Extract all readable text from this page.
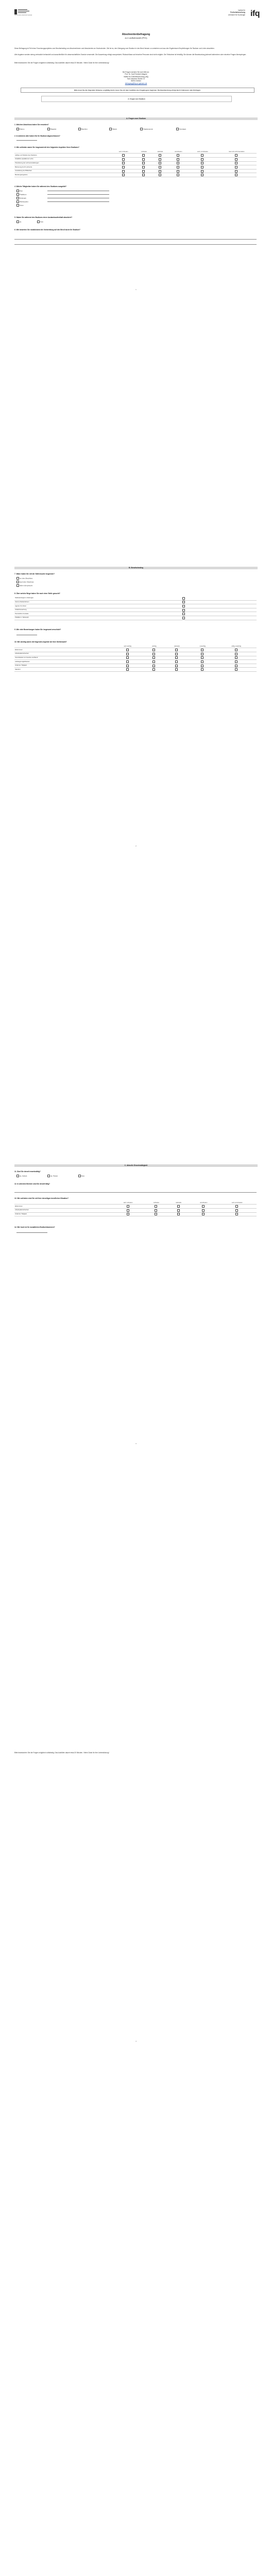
JUSTUS-LIEBIG UNIVERSITÄT GIESSEN
Institut für
Freiheitsforschung
Lehrstuhl für Soziologie ifq
Absolventenbefragung
zur Laufbahnwahl (PH1)
Diese Befragung ist Teil eines Forschungsprojektes zum Berufseinstieg von Absolventinnen und Absolventen an Hochschulen. Ziel ist es, den Übergang vom Studium in den Beruf besser zu verstehen und aus den Ergebnissen Empfehlungen für Studium und Lehre abzuleiten.
Alle Angaben werden streng vertraulich behandelt und ausschließlich für wissenschaftliche Zwecke verwendet. Die Auswertung erfolgt anonymisiert; Rückschlüsse auf einzelne Personen sind nicht möglich. Die Teilnahme ist freiwillig. Sie können die Beantwortung jederzeit abbrechen oder einzelne Fragen überspringen.
Bitte beantworten Sie die Fragen möglichst vollständig. Das Ausfüllen dauert etwa 20 Minuten. Vielen Dank für Ihre Unterstützung!
Bei Fragen wenden Sie sich bitte an:
Prof. Dr. Karl Friedrich Wagner
Institut für Freiheitsforschung (IfQ)
Karl-Glöckner-Straße 21
35394 Gießen
befragung@ifq.uni-giessen.de
Bitte lesen Sie die folgenden Hinweise sorgfältig durch, bevor Sie mit dem Ausfüllen des Fragebogens beginnen. Die Beantwortung erfolgt durch Ankreuzen oder Eintragen.
A. Fragen zum Studium
A. Fragen zum Studium
1. Welchen Abschluss haben Sie erworben?
Diplom	Magister	Bachelor	Master	Staatsexamen	Sonstiges
2. In welchem Jahr haben Sie Ihr Studium abgeschlossen?
3. Wie zufrieden waren Sie insgesamt mit den folgenden Aspekten Ihres Studiums?
	sehr zufrieden	zufrieden	teils/teils	unzufrieden	sehr unzufrieden	kann ich nicht beurteilen
Aufbau und Struktur des Studiums						
Inhaltliche Qualität der Lehre						
Praxisbezug der Lehrveranstaltungen						
Betreuung durch Lehrende						
Ausstattung der Bibliothek						
Beratungsangebote						
4. Welche Tätigkeiten haben Sie während des Studiums ausgeübt?
Hiwi
Praktikum
Nebenjob
Werkstudent
Keine
5. Haben Sie während des Studiums einen Auslandsaufenthalt absolviert?
Ja	Nein
6. Wie bewerten Sie rückblickend die Vorbereitung auf den Beruf durch Ihr Studium?
1
B. Berufseinstieg
7. Wann haben Sie mit der Stellensuche begonnen?
vor dem Abschluss
nach dem Abschluss
habe nicht gesucht
8. Über welche Wege haben Sie nach einer Stelle gesucht?
Stellenanzeigen in Zeitungen	
Internet-Stellenbörsen	
Agentur für Arbeit	
Initiativbewerbung	
Persönliche Kontakte	
Praktikum / Nebenjob	
9. Wie viele Bewerbungen haben Sie insgesamt verschickt?
10. Wie wichtig waren die folgenden Aspekte bei Ihrer Stellenwahl?
	sehr wichtig	wichtig	teils/teils	unwichtig	völlig unwichtig
Einkommen					
Arbeitsplatzsicherheit					
Vereinbarkeit von Familie und Beruf					
Aufstiegsmöglichkeiten					
Inhalt der Tätigkeit					
Standort					
2
C. Aktuelle Erwerbstätigkeit
11. Sind Sie derzeit erwerbstätig?
Ja, Vollzeit	Ja, Teilzeit	Nein
12. In welchem Bereich sind Sie derzeit tätig?
13. Wie zufrieden sind Sie mit Ihrer derzeitigen beruflichen Situation?
	sehr zufrieden	zufrieden	teils/teils	unzufrieden	sehr unzufrieden
Einkommen					
Arbeitsplatzsicherheit					
Inhalt der Tätigkeit					
14. Wie hoch ist Ihr monatliches Bruttoeinkommen?
3
Bitte beantworten Sie die Fragen möglichst vollständig. Das Ausfüllen dauert etwa 20 Minuten. Vielen Dank für Ihre Unterstützung!
4
